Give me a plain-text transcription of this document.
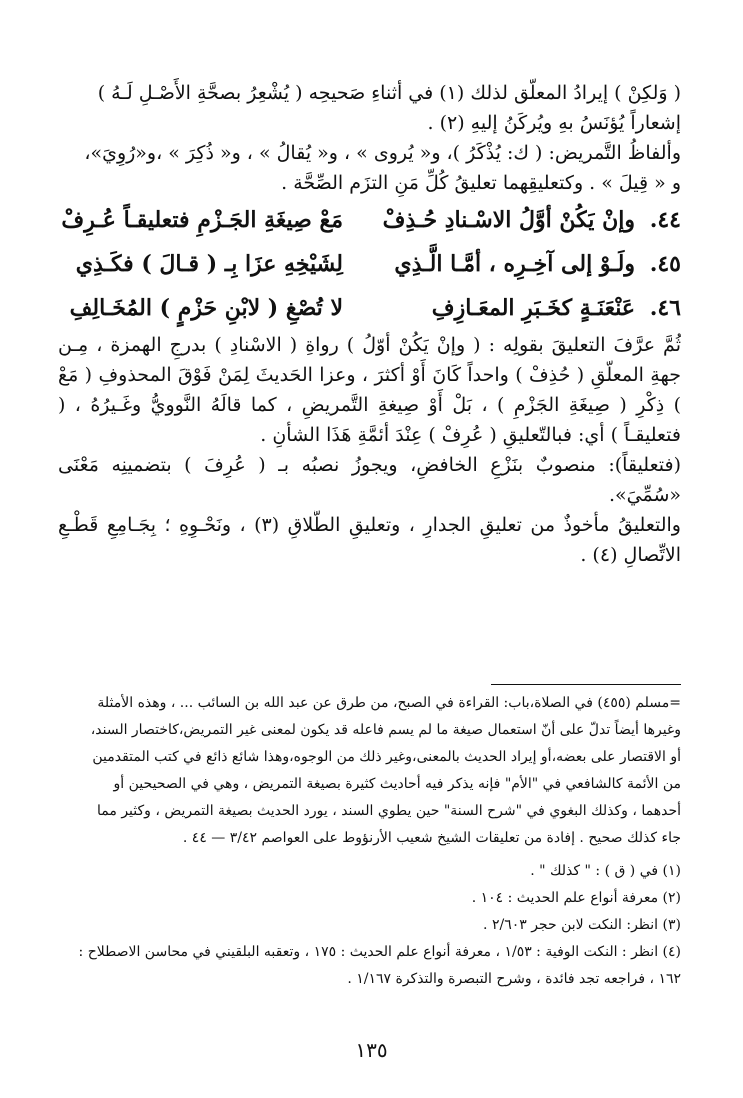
( وَلكِنْ ) إيرادُ المعلّق لذلك (١) في أثناءِ صَحيحِه ( يُشْعِرُ بصحَّةِ الأَصْـلِ لَـهُ )
إشعاراً يُؤنَسُ بهِ ويُركَنُ إليهِ (٢) .
وألفاظُ التَّمريض: ( ك: يُذْكَرُ )، و« يُروى » ، و« يُقالُ » ، و« ذُكِرَ » ،و«رُوِيَ»،
و « قِيلَ » . وكتعليقِهما تعليقُ كُلِّ مَنِ التزَم الصِّحَّة .
٤٤.
وإنْ يَكُنْ أوَّلُ الاسْـنادِ حُـذِفْ
مَعْ صِيغَةِ الجَـزْمِ فتعليقـاً عُـرِفْ
٤٥.
ولَـوْ إلى آخِـرِه ، أمَّـا الَّـذِي
لِشَيْخِهِ عزَا بِـ ( قـالَ ) فكَـذِي
٤٦.
عَنْعَنَـةٍ كخَـبَرِ المعَـازِفِ
لا تُصْغِ ( لابْنِ حَزْمٍ ) المُخَـالِفِ
ثُمَّ عرَّفَ التعليقَ بقولِه : ( وإنْ يَكُنْ أوّلُ ) رواةِ ( الاسْنادِ ) بدرجِ الهمزة ، مِـن جهةِ المعلّقِ ( حُذِفْ ) واحداً كَانَ أَوْ أكثرَ ، وعزا الحَديثَ لِمَنْ فَوْقَ المحذوفِ ( مَعْ ) ذِكْرِ ( صِيغَةِ الجَزْمِ ) ، بَلْ أَوْ صِيغةِ التَّمريضِ ، كما قالَهُ النَّوويُّ وغَـيرُهُ ، ( فتعليقـاً ) أي: فبالتّعليقِ ( عُرِفْ ) عِنْدَ أئمَّةِ هَذَا الشأنِ .
(فتعليقاً): منصوبٌ بنَزْعِ الخافضِ، ويجوزُ نصبُه بـ ( عُرِفَ ) بتضمينِه مَعْنَى «سُمِّيَ».
والتعليقُ مأخوذٌ من تعليقِ الجدارِ ، وتعليقِ الطَّلاقِ (٣) ، ونَحْـوِهِ ؛ بِجَـامِعِ قَطْـعِ الاتِّصالِ (٤) .
=مسلم (٤٥٥) في الصلاة،باب: القراءة في الصبح، من طرق عن عبد الله بن السائب ... ، وهذه الأمثلة
وغيرها أيضاً تدلّ على أنّ استعمال صيغة ما لم يسم فاعله قد يكون لمعنى غير التمريض،كاختصار السند،
أو الاقتصار على بعضه،أو إيراد الحديث بالمعنى،وغير ذلك من الوجوه،وهذا شائع ذائع في كتب المتقدمين
من الأئمة كالشافعي في "الأم" فإنه يذكر فيه أحاديث كثيرة بصيغة التمريض ، وهي في الصحيحين أو
أحدهما ، وكذلك البغوي في "شرح السنة" حين يطوي السند ، يورد الحديث بصيغة التمريض ، وكثير مما
جاء كذلك صحيح . إفادة من تعليقات الشيخ شعيب الأرنؤوط على العواصم ٣/٤٢ — ٤٤ .
(١) في ( ق ) : " كذلك " .
(٢) معرفة أنواع علم الحديث : ١٠٤ .
(٣) انظر: النكت لابن حجر ٢/٦٠٣ .
(٤) انظر : النكت الوفية : ١/٥٣ ، معرفة أنواع علم الحديث : ١٧٥ ، وتعقبه البلقيني في محاسن الاصطلاح :
١٦٢ ، فراجعه تجد فائدة ، وشرح التبصرة والتذكرة ١/١٦٧ .
١٣٥
